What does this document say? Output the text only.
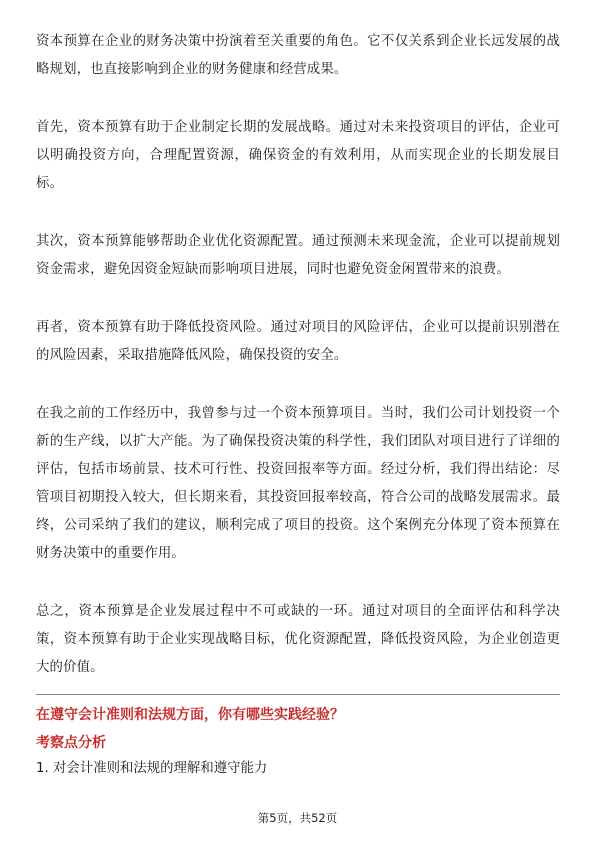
资本预算在企业的财务决策中扮演着至关重要的角色。它不仅关系到企业长远发展的战略规划，也直接影响到企业的财务健康和经营成果。

首先，资本预算有助于企业制定长期的发展战略。通过对未来投资项目的评估，企业可以明确投资方向，合理配置资源，确保资金的有效利用，从而实现企业的长期发展目标。

其次，资本预算能够帮助企业优化资源配置。通过预测未来现金流，企业可以提前规划资金需求，避免因资金短缺而影响项目进展，同时也避免资金闲置带来的浪费。

再者，资本预算有助于降低投资风险。通过对项目的风险评估，企业可以提前识别潜在的风险因素，采取措施降低风险，确保投资的安全。

在我之前的工作经历中，我曾参与过一个资本预算项目。当时，我们公司计划投资一个新的生产线，以扩大产能。为了确保投资决策的科学性，我们团队对项目进行了详细的评估，包括市场前景、技术可行性、投资回报率等方面。经过分析，我们得出结论：尽管项目初期投入较大，但长期来看，其投资回报率较高，符合公司的战略发展需求。最终，公司采纳了我们的建议，顺利完成了项目的投资。这个案例充分体现了资本预算在财务决策中的重要作用。

总之，资本预算是企业发展过程中不可或缺的一环。通过对项目的全面评估和科学决策，资本预算有助于企业实现战略目标，优化资源配置，降低投资风险，为企业创造更大的价值。

在遵守会计准则和法规方面，你有哪些实践经验？

考察点分析

1. 对会计准则和法规的理解和遵守能力

第5页，共52页
